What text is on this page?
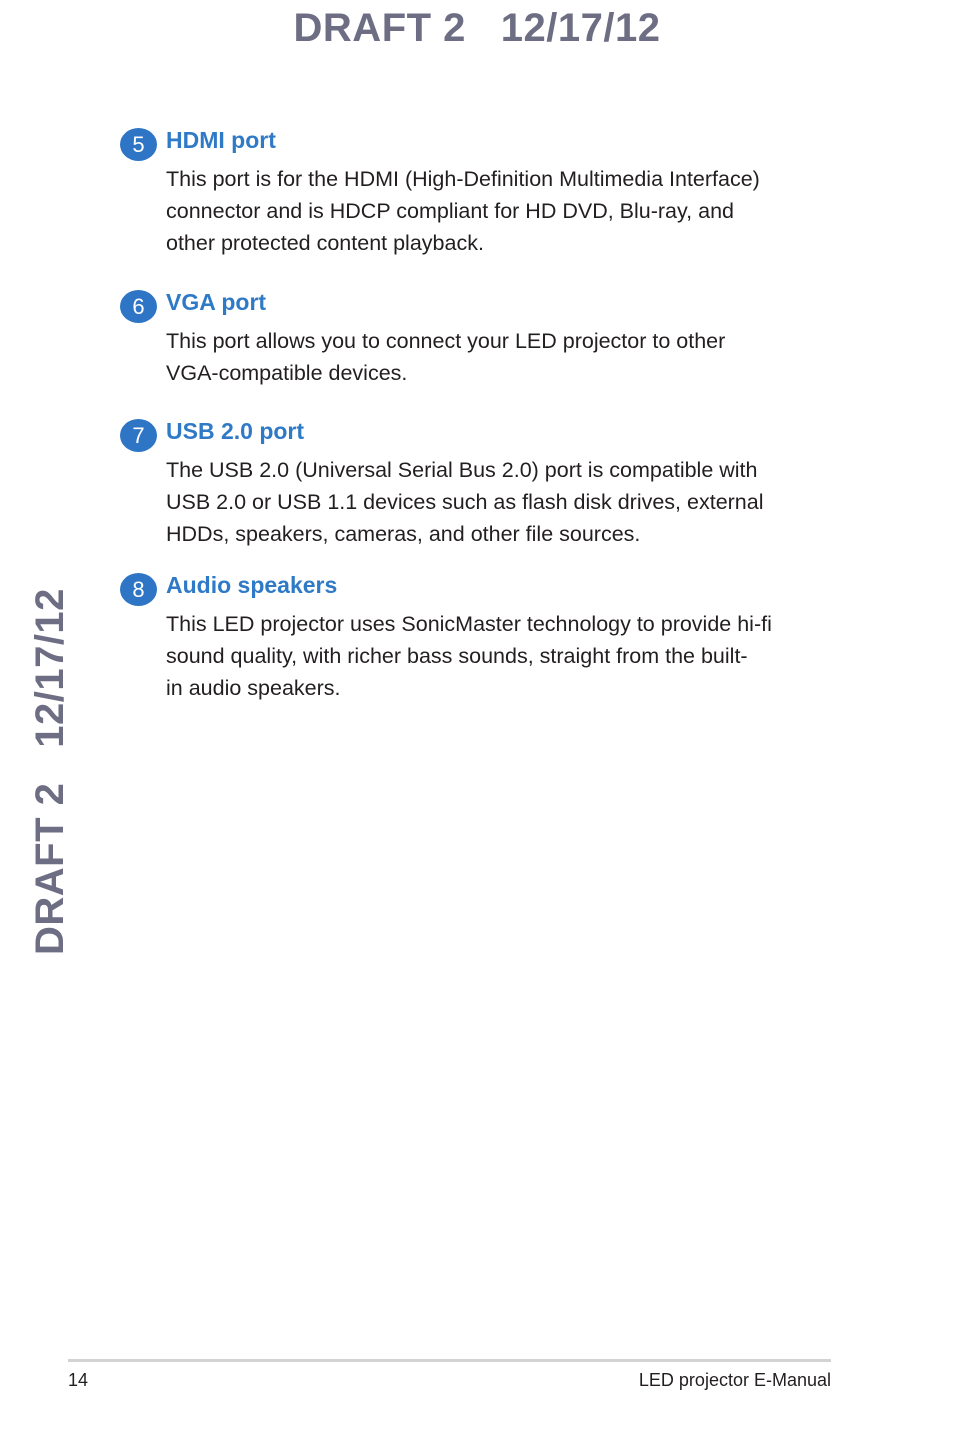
DRAFT 2   12/17/12
DRAFT 2   12/17/12
5 HDMI port
This port is for the HDMI (High-Definition Multimedia Interface)
connector and is HDCP compliant for HD DVD, Blu-ray, and
other protected content playback.
6 VGA port
This port allows you to connect your LED projector to other
VGA-compatible devices.
7 USB 2.0 port
The USB 2.0 (Universal Serial Bus 2.0) port is compatible with
USB 2.0 or USB 1.1 devices such as flash disk drives, external
HDDs, speakers, cameras, and other file sources.
8 Audio speakers
This LED projector uses SonicMaster technology to provide hi-fi
sound quality, with richer bass sounds, straight from the built-
in audio speakers.
14	LED projector E-Manual
